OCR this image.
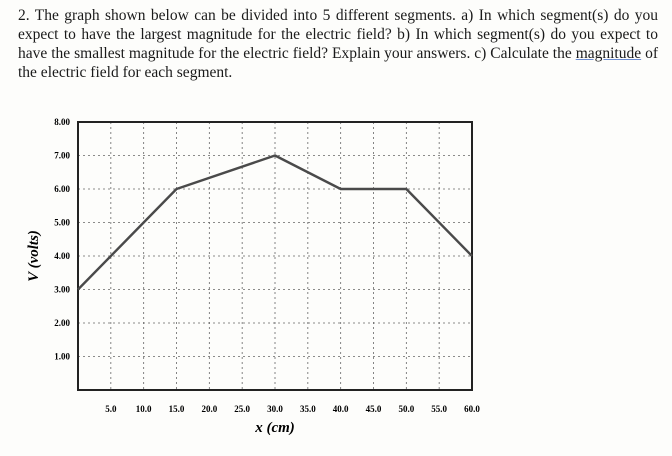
2. The graph shown below can be divided into 5 different segments. a) In which segment(s) do you expect to have the largest magnitude for the electric field? b) In which segment(s) do you expect to have the smallest magnitude for the electric field? Explain your answers. c) Calculate the magnitude of the electric field for each segment.
8.00
7.00
6.00
5.00
4.00
3.00
2.00
1.00
5.0 10.0 15.0 20.0 25.0 30.0 35.0 40.0 45.0 50.0 55.0 60.0
x (cm)
V (volts)
